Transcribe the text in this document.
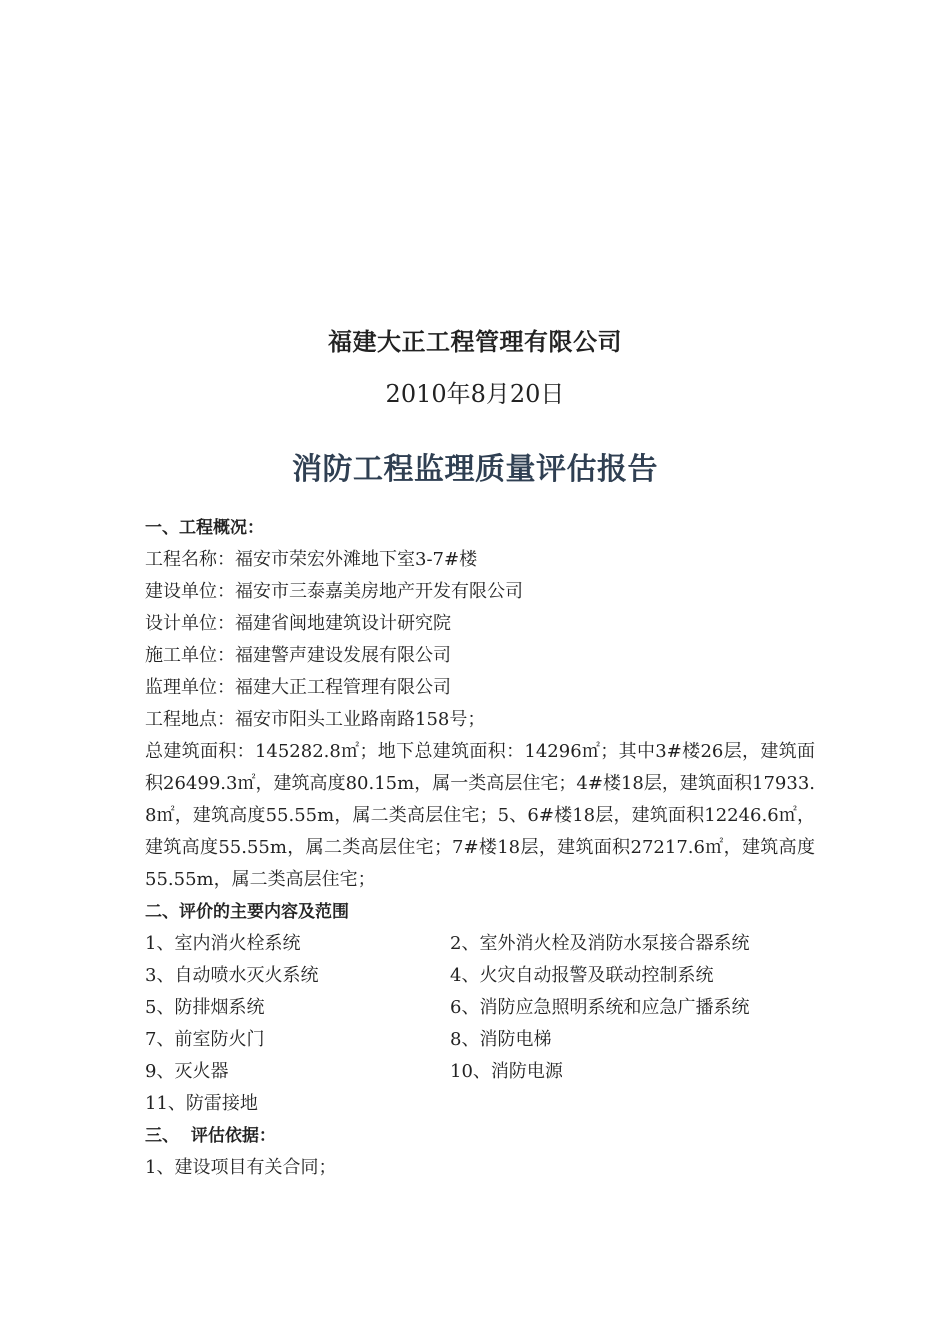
福建大正工程管理有限公司
2010年8月20日
消防工程监理质量评估报告
一、工程概况：
工程名称：福安市荣宏外滩地下室3-7#楼
建设单位：福安市三泰嘉美房地产开发有限公司
设计单位：福建省闽地建筑设计研究院
施工单位：福建警声建设发展有限公司
监理单位：福建大正工程管理有限公司
工程地点：福安市阳头工业路南路158号；
总建筑面积：145282.8㎡；地下总建筑面积：14296㎡；其中3#楼26层，建筑面积26499.3㎡，建筑高度80.15m，属一类高层住宅；4#楼18层，建筑面积17933.8㎡，建筑高度55.55m，属二类高层住宅；5、6#楼18层，建筑面积12246.6㎡，建筑高度55.55m，属二类高层住宅；7#楼18层，建筑面积27217.6㎡，建筑高度55.55m，属二类高层住宅；
二、评价的主要内容及范围
1、室内消火栓系统	2、室外消火栓及消防水泵接合器系统
3、自动喷水灭火系统	4、火灾自动报警及联动控制系统
5、防排烟系统	6、消防应急照明系统和应急广播系统
7、前室防火门	8、消防电梯
9、灭火器	10、消防电源
11、防雷接地
三、  评估依据：
1、建设项目有关合同；
